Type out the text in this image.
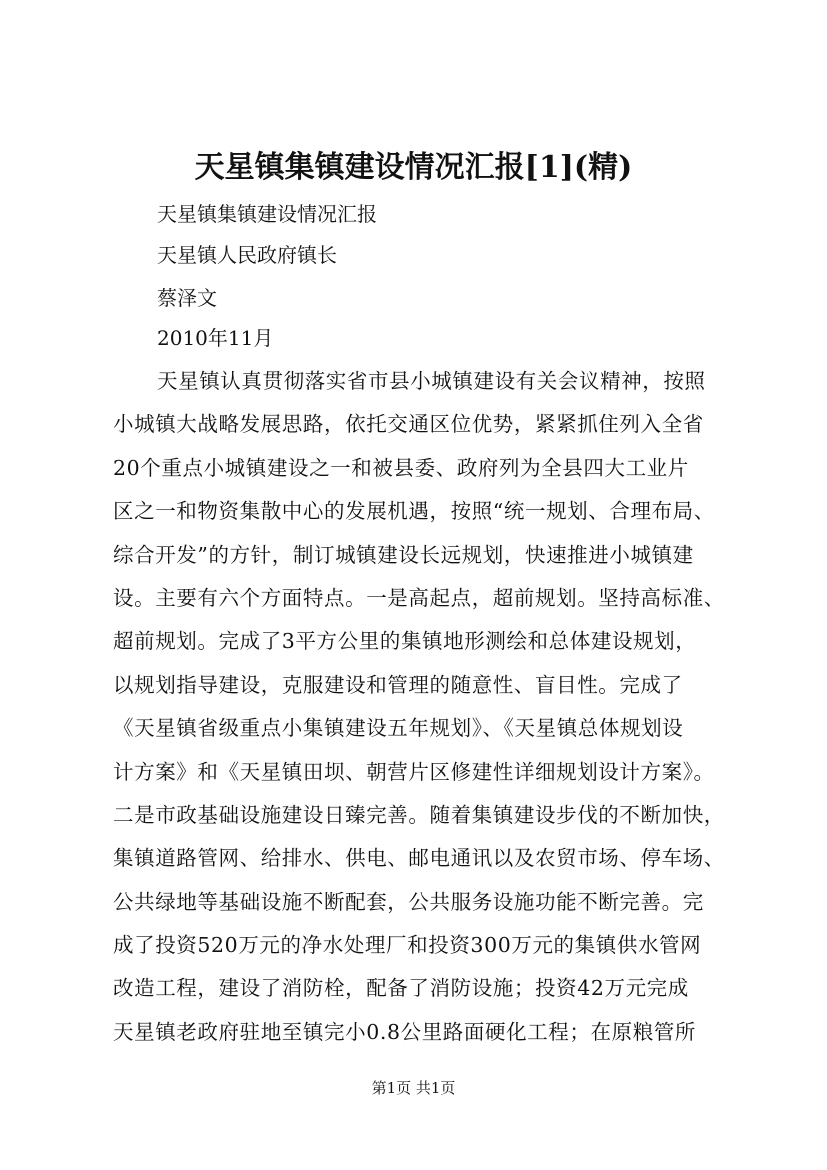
天星镇集镇建设情况汇报[1](精)
天星镇集镇建设情况汇报
天星镇人民政府镇长
蔡泽文
2010年11月
天星镇认真贯彻落实省市县小城镇建设有关会议精神，按照
小城镇大战略发展思路，依托交通区位优势，紧紧抓住列入全省
20个重点小城镇建设之一和被县委、政府列为全县四大工业片
区之一和物资集散中心的发展机遇，按照“统一规划、合理布局、
综合开发”的方针，制订城镇建设长远规划，快速推进小城镇建
设。主要有六个方面特点。一是高起点，超前规划。坚持高标准、
超前规划。完成了3平方公里的集镇地形测绘和总体建设规划，
以规划指导建设，克服建设和管理的随意性、盲目性。完成了
《天星镇省级重点小集镇建设五年规划》、《天星镇总体规划设
计方案》和《天星镇田坝、朝营片区修建性详细规划设计方案》。
二是市政基础设施建设日臻完善。随着集镇建设步伐的不断加快，
集镇道路管网、给排水、供电、邮电通讯以及农贸市场、停车场、
公共绿地等基础设施不断配套，公共服务设施功能不断完善。完
成了投资520万元的净水处理厂和投资300万元的集镇供水管网
改造工程，建设了消防栓，配备了消防设施；投资42万元完成
天星镇老政府驻地至镇完小0.8公里路面硬化工程；在原粮管所
第1页 共1页
